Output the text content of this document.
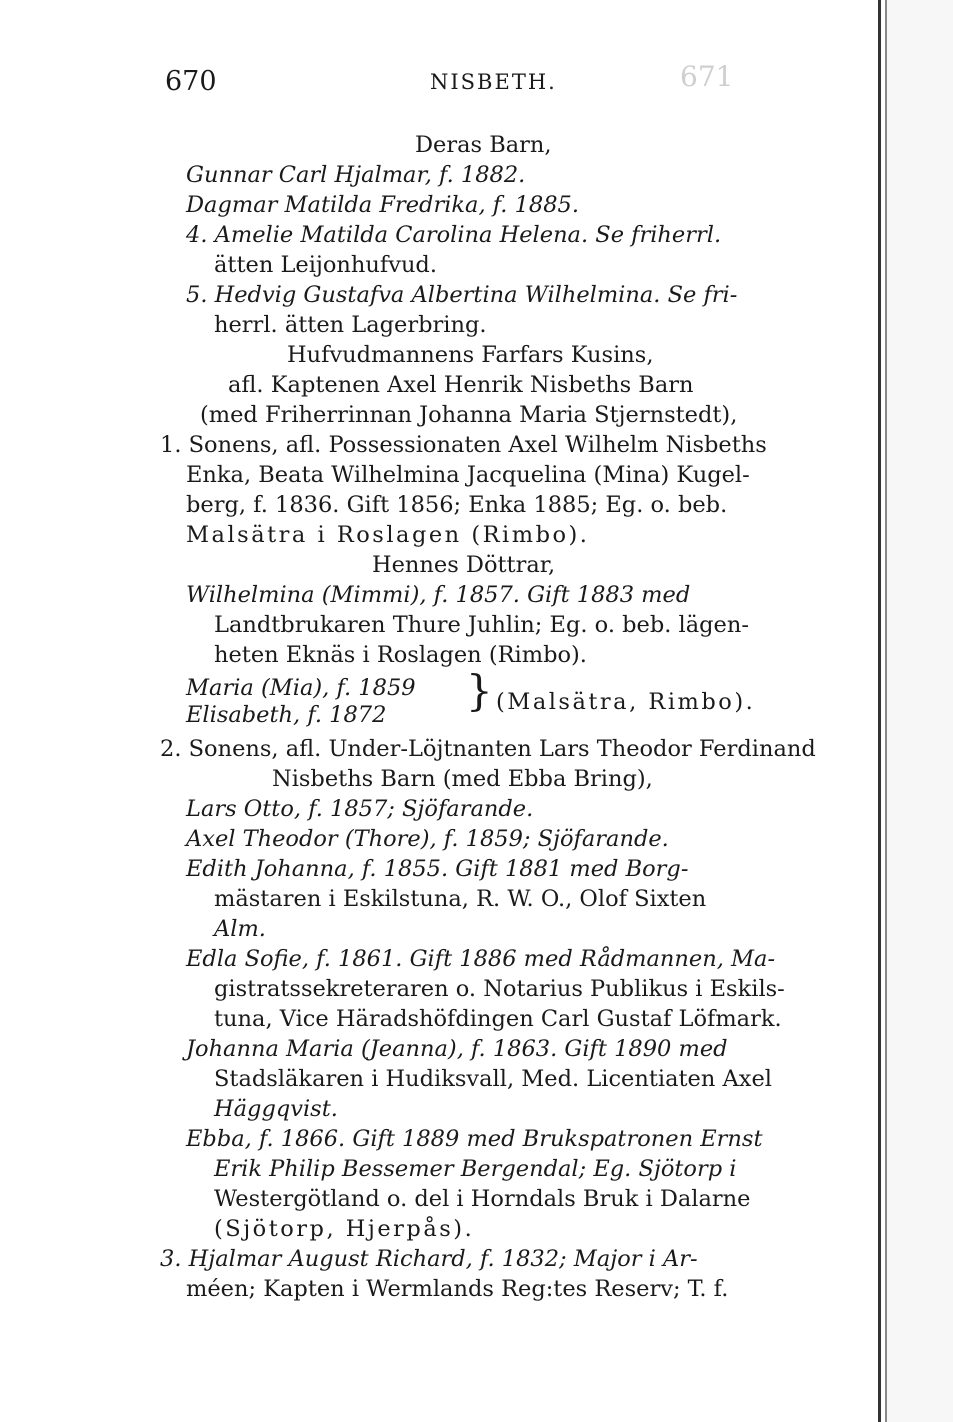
671
670	NISBETH.
Deras Barn,
Gunnar Carl Hjalmar, f. 1882.
Dagmar Matilda Fredrika, f. 1885.
4. Amelie Matilda Carolina Helena. Se friherrl.
ätten Leijonhufvud.
5. Hedvig Gustafva Albertina Wilhelmina. Se fri-
herrl. ätten Lagerbring.
Hufvudmannens Farfars Kusins,
afl. Kaptenen Axel Henrik Nisbeths Barn
(med Friherrinnan Johanna Maria Stjernstedt),
1. Sonens, afl. Possessionaten Axel Wilhelm Nisbeths
Enka, Beata Wilhelmina Jacquelina (Mina) Kugel-
berg, f. 1836. Gift 1856; Enka 1885; Eg. o. beb.
Malsätra i Roslagen (Rimbo).
Hennes Döttrar,
Wilhelmina (Mimmi), f. 1857. Gift 1883 med
Landtbrukaren Thure Juhlin; Eg. o. beb. lägen-
heten Eknäs i Roslagen (Rimbo).
Maria (Mia), f. 1859
Elisabeth, f. 1872 } (Malsätra, Rimbo).
2. Sonens, afl. Under-Löjtnanten Lars Theodor Ferdinand
Nisbeths Barn (med Ebba Bring),
Lars Otto, f. 1857; Sjöfarande.
Axel Theodor (Thore), f. 1859; Sjöfarande.
Edith Johanna, f. 1855. Gift 1881 med Borg-
mästaren i Eskilstuna, R. W. O., Olof Sixten
Alm.
Edla Sofie, f. 1861. Gift 1886 med Rådmannen, Ma-
gistratssekreteraren o. Notarius Publikus i Eskils-
tuna, Vice Häradshöfdingen Carl Gustaf Löfmark.
Johanna Maria (Jeanna), f. 1863. Gift 1890 med
Stadsläkaren i Hudiksvall, Med. Licentiaten Axel
Häggqvist.
Ebba, f. 1866. Gift 1889 med Brukspatronen Ernst
Erik Philip Bessemer Bergendal; Eg. Sjötorp i
Westergötland o. del i Horndals Bruk i Dalarne
(Sjötorp, Hjerpås).
3. Hjalmar August Richard, f. 1832; Major i Ar-
méen; Kapten i Wermlands Reg:tes Reserv; T. f.
